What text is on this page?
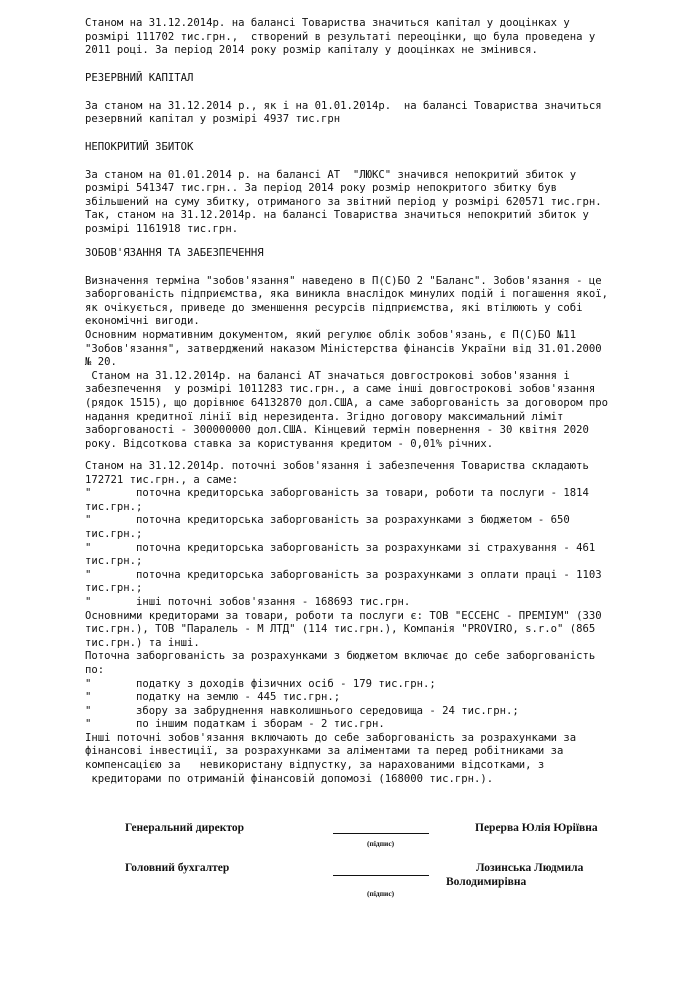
Станом на 31.12.2014р. на балансі Товариства значиться капітал у дооцінках у
розмірі 111702 тис.грн.,  створений в результаті переоцінки, що була проведена у
2011 році. За період 2014 року розмір капіталу у дооцінках не змінився.
РЕЗЕРВНИЙ КАПІТАЛ
За станом на 31.12.2014 р., як і на 01.01.2014р.  на балансі Товариства значиться
резервний капітал у розмірі 4937 тис.грн
НЕПОКРИТИЙ ЗБИТОК
За станом на 01.01.2014 р. на балансі АТ  "ЛЮКС" значився непокритий збиток у
розмірі 541347 тис.грн.. За період 2014 року розмір непокритого збитку був
збільшений на суму збитку, отриманого за звітний період у розмірі 620571 тис.грн.
Так, станом на 31.12.2014р. на балансі Товариства значиться непокритий збиток у
розмірі 1161918 тис.грн.
ЗОБОВ'ЯЗАННЯ ТА ЗАБЕЗПЕЧЕННЯ
Визначення терміна "зобов'язання" наведено в П(С)БО 2 "Баланс". Зобов'язання - це
заборгованість підприємства, яка виникла внаслідок минулих подій і погашення якої,
як очікується, приведе до зменшення ресурсів підприємства, які втілюють у собі
економічні вигоди.
Основним нормативним документом, який регулює облік зобов'язань, є П(С)БО №11
"Зобов'язання", затверджений наказом Міністерства фінансів України від 31.01.2000
№ 20.
Станом на 31.12.2014р. на балансі АТ значаться довгострокові зобов'язання і
забезпечення  у розмірі 1011283 тис.грн., а саме інші довгострокові зобов'язання
(рядок 1515), що дорівнює 64132870 дол.США, а саме заборгованість за договором про
надання кредитної лінії від нерезидента. Згідно договору максимальний ліміт
заборгованості - 300000000 дол.США. Кінцевий термін повернення - 30 квітня 2020
року. Відсоткова ставка за користування кредитом - 0,01% річних.
Станом на 31.12.2014р. поточні зобов'язання і забезпечення Товариства складають
172721 тис.грн., а саме:
"       поточна кредиторська заборгованість за товари, роботи та послуги - 1814
тис.грн.;
"       поточна кредиторська заборгованість за розрахунками з бюджетом - 650
тис.грн.;
"       поточна кредиторська заборгованість за розрахунками зі страхування - 461
тис.грн.;
"       поточна кредиторська заборгованість за розрахунками з оплати праці - 1103
тис.грн.;
"       інші поточні зобов'язання - 168693 тис.грн.
Основними кредиторами за товари, роботи та послуги є: ТОВ "ЕССЕНС - ПРЕМІУМ" (330
тис.грн.), ТОВ "Паралель - М ЛТД" (114 тис.грн.), Компанія "PROVIRO, s.r.o" (865
тис.грн.) та інші.
Поточна заборгованість за розрахунками з бюджетом включає до себе заборгованість
по:
"       податку з доходів фізичних осіб - 179 тис.грн.;
"       податку на землю - 445 тис.грн.;
"       збору за забруднення навколишнього середовища - 24 тис.грн.;
"       по іншим податкам і зборам - 2 тис.грн.
Інші поточні зобов'язання включають до себе заборгованість за розрахунками за
фінансові інвестиції, за розрахунками за аліментами та перед робітниками за
компенсацією за   невикористану відпустку, за нарахованими відсотками, з
кредиторами по отриманій фінансовій допомозі (168000 тис.грн.).
Генеральний директор
(підпис)
Перерва Юлія Юріївна
Головний бухгалтер
(підпис)
Лозинська Людмила
Володимирівна
